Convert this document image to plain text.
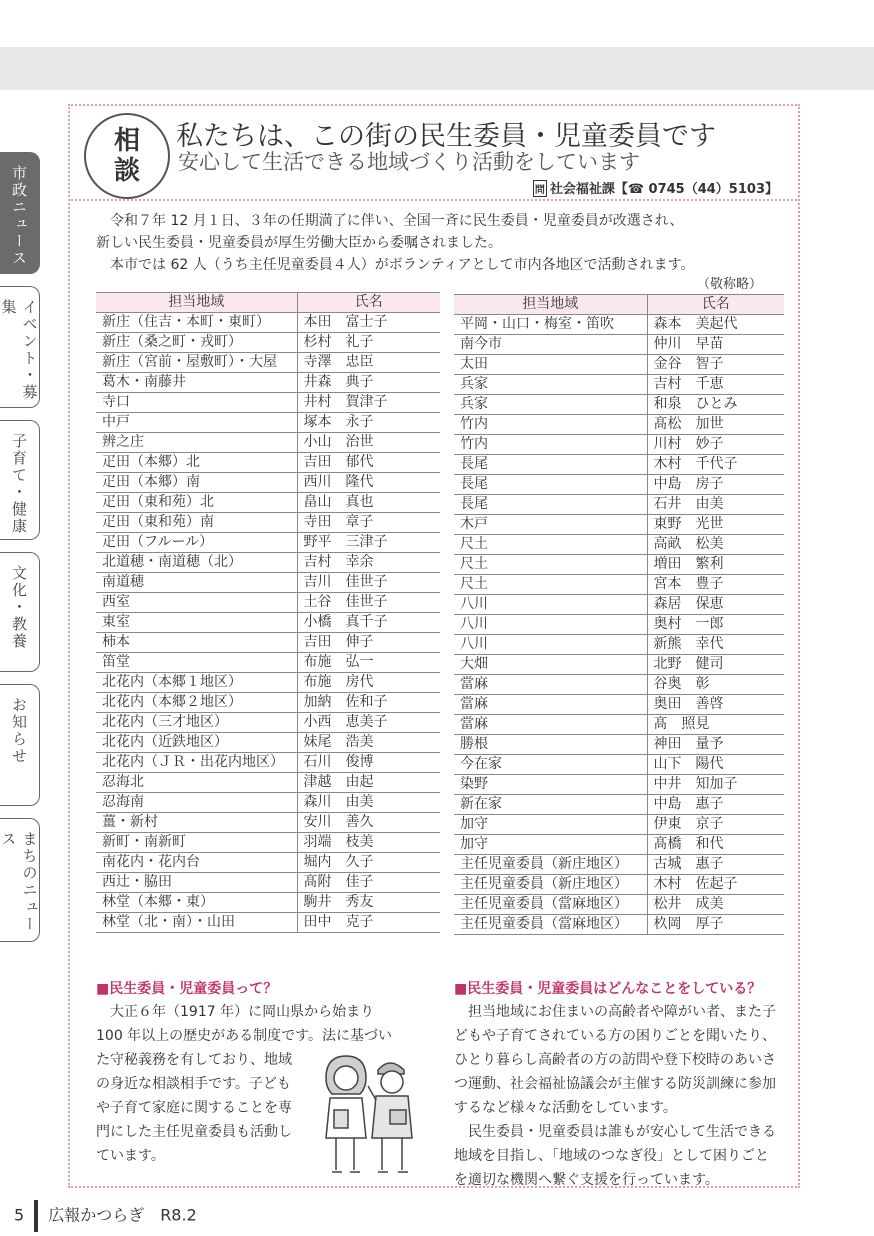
市政ニュース
イベント・募集
子育て・健康
文化・教養
お知らせ
まちのニュース
相
談
私たちは、この街の民生委員・児童委員です
安心して生活できる地域づくり活動をしています
問 社会福祉課【☎ 0745（44）5103】

令和７年 12 月１日、３年の任期満了に伴い、全国一斉に民生委員・児童委員が改選され、

新しい民生委員・児童委員が厚生労働大臣から委嘱されました。

本市では 62 人（うち主任児童委員４人）がボランティアとして市内各地区で活動されます。

（敬称略）
担当地域	氏名
新庄（住吉・本町・東町）	本田　富士子
新庄（桑之町・戎町）	杉村　礼子
新庄（宮前・屋敷町）・大屋	寺澤　忠臣
葛木・南藤井	井森　典子
寺口	井村　賀津子
中戸	塚本　永子
辨之庄	小山　治世
疋田（本郷）北	吉田　郁代
疋田（本郷）南	西川　隆代
疋田（東和苑）北	畠山　真也
疋田（東和苑）南	寺田　章子
疋田（フルール）	野平　三津子
北道穂・南道穂（北）	吉村　幸余
南道穂	吉川　佳世子
西室	土谷　佳世子
東室	小橋　真千子
柿本	吉田　伸子
笛堂	布施　弘一
北花内（本郷１地区）	布施　房代
北花内（本郷２地区）	加納　佐和子
北花内（三才地区）	小西　恵美子
北花内（近鉄地区）	妹尾　浩美
北花内（ＪＲ・出花内地区）	石川　俊博
忍海北	津越　由起
忍海南	森川　由美
薑・新村	安川　善久
新町・南新町	羽端　枝美
南花内・花内台	堀内　久子
西辻・脇田	髙附　佳子
林堂（本郷・東）	駒井　秀友
林堂（北・南）・山田	田中　克子
担当地域	氏名
平岡・山口・梅室・笛吹	森本　美起代
南今市	仲川　早苗
太田	金谷　智子
兵家	吉村　千恵
兵家	和泉　ひとみ
竹内	髙松　加世
竹内	川村　妙子
長尾	木村　千代子
長尾	中島　房子
長尾	石井　由美
木戸	東野　光世
尺土	高畝　松美
尺土	増田　繁利
尺土	宮本　豊子
八川	森居　保恵
八川	奥村　一郎
八川	新熊　幸代
大畑	北野　健司
當麻	谷奥　彰
當麻	奥田　善啓
當麻	髙　照見
勝根	神田　量予
今在家	山下　陽代
染野	中井　知加子
新在家	中島　惠子
加守	伊東　京子
加守	髙橋　和代
主任児童委員（新庄地区）	古城　惠子
主任児童委員（新庄地区）	木村　佐起子
主任児童委員（當麻地区）	松井　成美
主任児童委員（當麻地区）	杦岡　厚子
■民生委員・児童委員って？

大正６年（1917 年）に岡山県から始まり

100 年以上の歴史がある制度です。法に基づい

た守秘義務を有しており、地域

の身近な相談相手です。子ども

や子育て家庭に関することを専

門にした主任児童委員も活動し

ています。

■民生委員・児童委員はどんなことをしている？

担当地域にお住まいの高齢者や障がい者、また子どもや子育てされている方の困りごとを聞いたり、ひとり暮らし高齢者の方の訪問や登下校時のあいさつ運動、社会福祉協議会が主催する防災訓練に参加するなど様々な活動をしています。

民生委員・児童委員は誰もが安心して生活できる地域を目指し、「地域のつなぎ役」として困りごとを適切な機関へ繋ぐ支援を行っています。

5 広報かつらぎ　R8.2
